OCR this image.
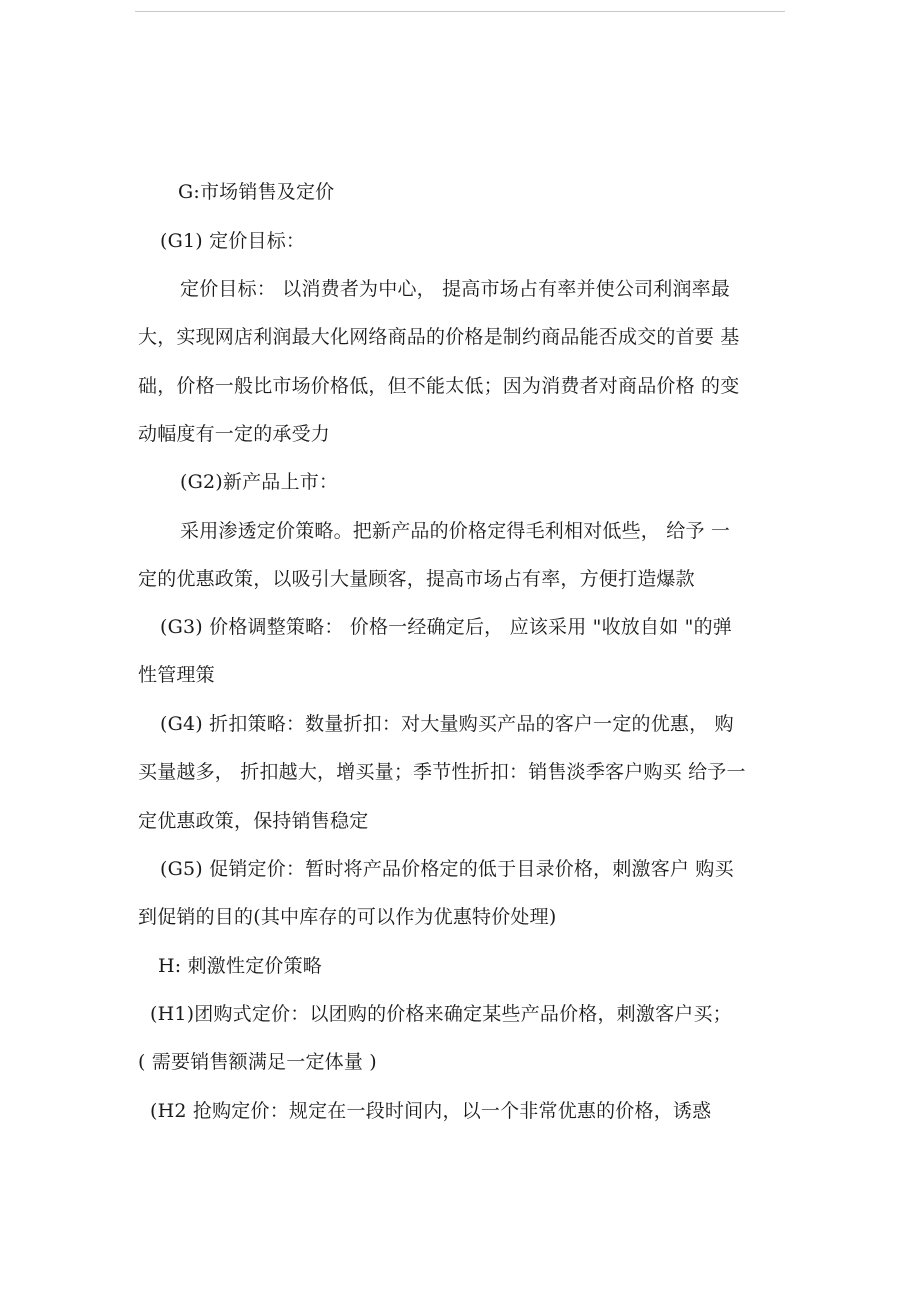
G:市场销售及定价
(G1) 定价目标：
定价目标： 以消费者为中心， 提高市场占有率并使公司利润率最
大，实现网店利润最大化网络商品的价格是制约商品能否成交的首要 基
础，价格一般比市场价格低，但不能太低；因为消费者对商品价格 的变
动幅度有一定的承受力
(G2)新产品上市：
采用渗透定价策略。把新产品的价格定得毛利相对低些， 给予 一
定的优惠政策，以吸引大量顾客，提高市场占有率，方便打造爆款
(G3) 价格调整策略： 价格一经确定后， 应该采用 "收放自如 "的弹
性管理策
(G4) 折扣策略：数量折扣：对大量购买产品的客户一定的优惠， 购
买量越多， 折扣越大，增买量；季节性折扣：销售淡季客户购买 给予一
定优惠政策，保持销售稳定
(G5) 促销定价：暂时将产品价格定的低于目录价格，刺激客户 购买
到促销的目的(其中库存的可以作为优惠特价处理)
H: 刺激性定价策略
(H1)团购式定价：以团购的价格来确定某些产品价格，刺激客户买；
( 需要销售额满足一定体量 )
(H2 抢购定价：规定在一段时间内，以一个非常优惠的价格，诱惑
